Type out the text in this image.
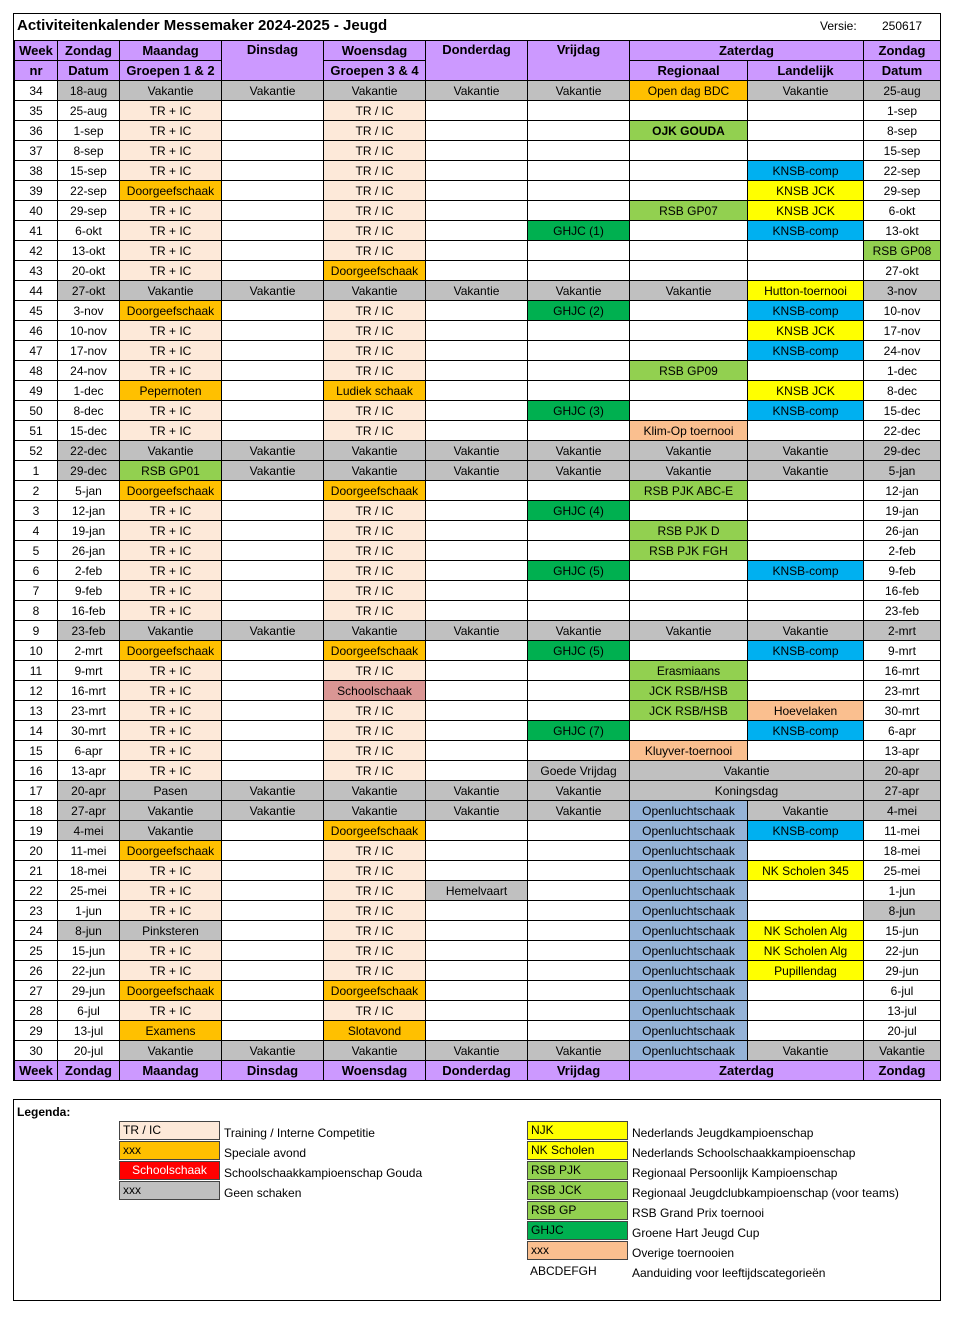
Activiteitenkalender Messemaker 2024-2025 - Jeugd	Versie: 250617
Week	Zondag	Maandag	Dinsdag	Woensdag	Donderdag	Vrijdag	Zaterdag		Zondag
nr	Datum	Groepen 1 & 2		Groepen 3 & 4			Regionaal	Landelijk	Datum
34	18-aug	Vakantie	Vakantie	Vakantie	Vakantie	Vakantie	Open dag BDC	Vakantie	25-aug
35	25-aug	TR + IC		TR / IC					1-sep
36	1-sep	TR + IC		TR / IC			OJK GOUDA		8-sep
37	8-sep	TR + IC		TR / IC					15-sep
38	15-sep	TR + IC		TR / IC				KNSB-comp	22-sep
39	22-sep	Doorgeefschaak		TR / IC				KNSB JCK	29-sep
40	29-sep	TR + IC		TR / IC			RSB GP07	KNSB JCK	6-okt
41	6-okt	TR + IC		TR / IC		GHJC (1)		KNSB-comp	13-okt
42	13-okt	TR + IC		TR / IC					RSB GP08
43	20-okt	TR + IC		Doorgeefschaak					27-okt
44	27-okt	Vakantie	Vakantie	Vakantie	Vakantie	Vakantie	Vakantie	Hutton-toernooi	3-nov
45	3-nov	Doorgeefschaak		TR / IC		GHJC (2)		KNSB-comp	10-nov
46	10-nov	TR + IC		TR / IC				KNSB JCK	17-nov
47	17-nov	TR + IC		TR / IC				KNSB-comp	24-nov
48	24-nov	TR + IC		TR / IC			RSB GP09		1-dec
49	1-dec	Pepernoten		Ludiek schaak				KNSB JCK	8-dec
50	8-dec	TR + IC		TR / IC		GHJC (3)		KNSB-comp	15-dec
51	15-dec	TR + IC		TR / IC			Klim-Op toernooi		22-dec
52	22-dec	Vakantie	Vakantie	Vakantie	Vakantie	Vakantie	Vakantie	Vakantie	29-dec
1	29-dec	RSB GP01	Vakantie	Vakantie	Vakantie	Vakantie	Vakantie	Vakantie	5-jan
2	5-jan	Doorgeefschaak		Doorgeefschaak			RSB PJK ABC-E		12-jan
3	12-jan	TR + IC		TR / IC		GHJC (4)			19-jan
4	19-jan	TR + IC		TR / IC			RSB PJK D		26-jan
5	26-jan	TR + IC		TR / IC			RSB PJK FGH		2-feb
6	2-feb	TR + IC		TR / IC		GHJC (5)		KNSB-comp	9-feb
7	9-feb	TR + IC		TR / IC					16-feb
8	16-feb	TR + IC		TR / IC					23-feb
9	23-feb	Vakantie	Vakantie	Vakantie	Vakantie	Vakantie	Vakantie	Vakantie	2-mrt
10	2-mrt	Doorgeefschaak		Doorgeefschaak		GHJC (5)		KNSB-comp	9-mrt
11	9-mrt	TR + IC		TR / IC			Erasmiaans		16-mrt
12	16-mrt	TR + IC		Schoolschaak			JCK RSB/HSB		23-mrt
13	23-mrt	TR + IC		TR / IC			JCK RSB/HSB	Hoevelaken	30-mrt
14	30-mrt	TR + IC		TR / IC		GHJC (7)		KNSB-comp	6-apr
15	6-apr	TR + IC		TR / IC			Kluyver-toernooi		13-apr
16	13-apr	TR + IC		TR / IC		Goede Vrijdag	Vakantie		20-apr
17	20-apr	Pasen	Vakantie	Vakantie	Vakantie	Vakantie	Koningsdag		27-apr
18	27-apr	Vakantie	Vakantie	Vakantie	Vakantie	Vakantie	Openluchtschaak	Vakantie	4-mei
19	4-mei	Vakantie		Doorgeefschaak			Openluchtschaak	KNSB-comp	11-mei
20	11-mei	Doorgeefschaak		TR / IC			Openluchtschaak		18-mei
21	18-mei	TR + IC		TR / IC			Openluchtschaak	NK Scholen 345	25-mei
22	25-mei	TR + IC		TR / IC	Hemelvaart		Openluchtschaak		1-jun
23	1-jun	TR + IC		TR / IC			Openluchtschaak		8-jun
24	8-jun	Pinksteren		TR / IC			Openluchtschaak	NK Scholen Alg	15-jun
25	15-jun	TR + IC		TR / IC			Openluchtschaak	NK Scholen Alg	22-jun
26	22-jun	TR + IC		TR / IC			Openluchtschaak	Pupillendag	29-jun
27	29-jun	Doorgeefschaak		Doorgeefschaak			Openluchtschaak		6-jul
28	6-jul	TR + IC		TR / IC			Openluchtschaak		13-jul
29	13-jul	Examens		Slotavond			Openluchtschaak		20-jul
30	20-jul	Vakantie	Vakantie	Vakantie	Vakantie	Vakantie	Openluchtschaak	Vakantie	Vakantie
Week	Zondag	Maandag	Dinsdag	Woensdag	Donderdag	Vrijdag	Zaterdag		Zondag
Legenda:
TR / IC	Training / Interne Competitie
xxx	Speciale avond
Schoolschaak	Schoolschaakkampioenschap Gouda
xxx	Geen schaken
NJK	Nederlands Jeugdkampioenschap
NK Scholen	Nederlands Schoolschaakkampioenschap
RSB PJK	Regionaal Persoonlijk Kampioenschap
RSB JCK	Regionaal Jeugdclubkampioenschap (voor teams)
RSB GP	RSB Grand Prix toernooi
GHJC	Groene Hart Jeugd Cup
xxx	Overige toernooien
ABCDEFGH	Aanduiding voor leeftijdscategorieën
